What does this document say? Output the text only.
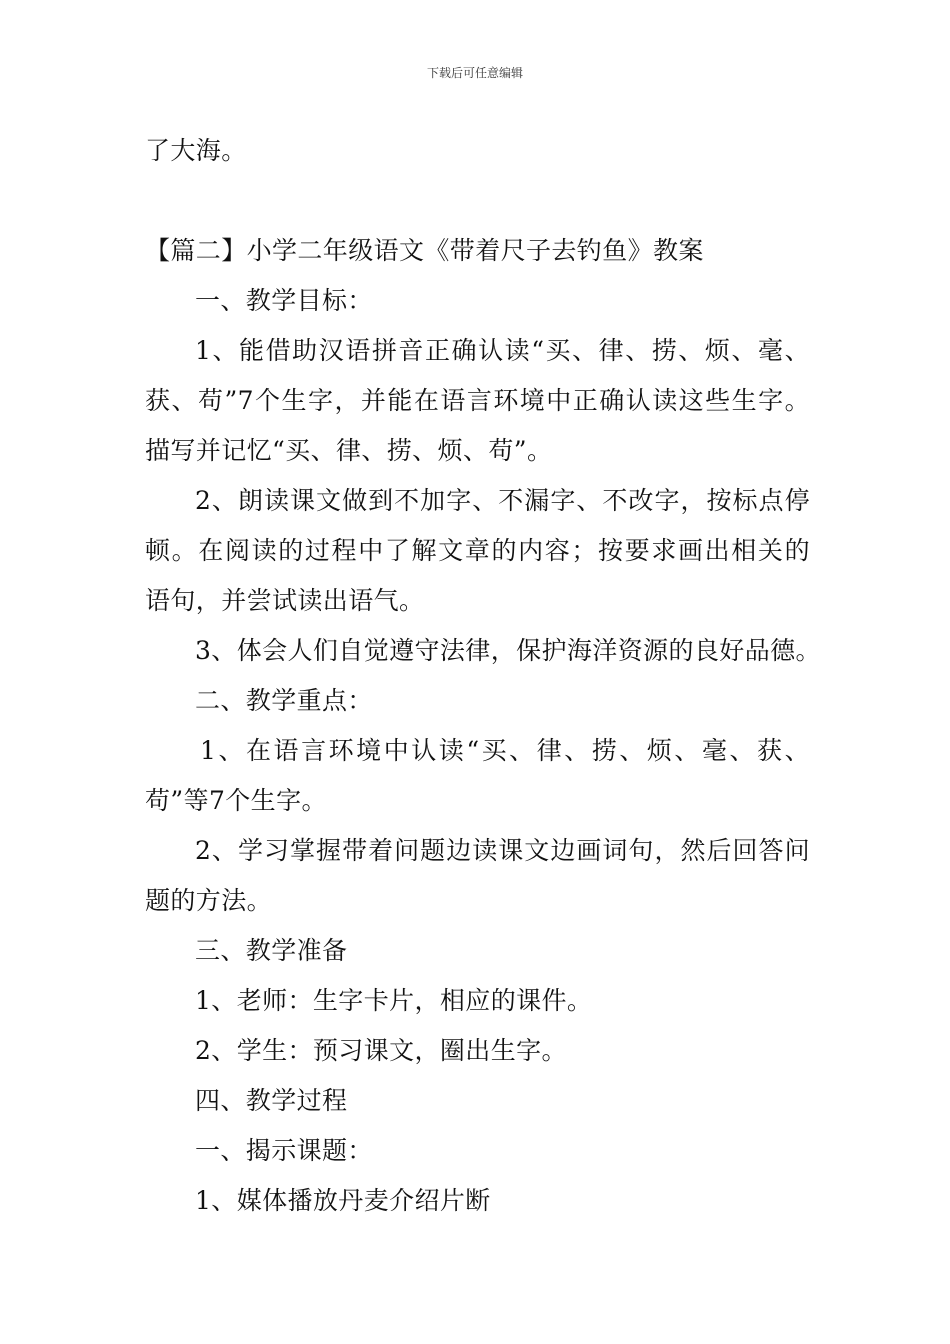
下载后可任意编辑
了大海。
【篇二】小学二年级语文《带着尺子去钓鱼》教案
一、教学目标：
1、能借助汉语拼音正确认读“买、律、捞、烦、毫、
获、苟”7个生字，并能在语言环境中正确认读这些生字。
描写并记忆“买、律、捞、烦、苟”。
2、朗读课文做到不加字、不漏字、不改字，按标点停
顿。在阅读的过程中了解文章的内容；按要求画出相关的
语句，并尝试读出语气。
3、体会人们自觉遵守法律，保护海洋资源的良好品德。
二、教学重点：
1、在语言环境中认读“买、律、捞、烦、毫、获、
苟”等7个生字。
2、学习掌握带着问题边读课文边画词句，然后回答问
题的方法。
三、教学准备
1、老师：生字卡片，相应的课件。
2、学生：预习课文，圈出生字。
四、教学过程
一、揭示课题：
1、媒体播放丹麦介绍片断
